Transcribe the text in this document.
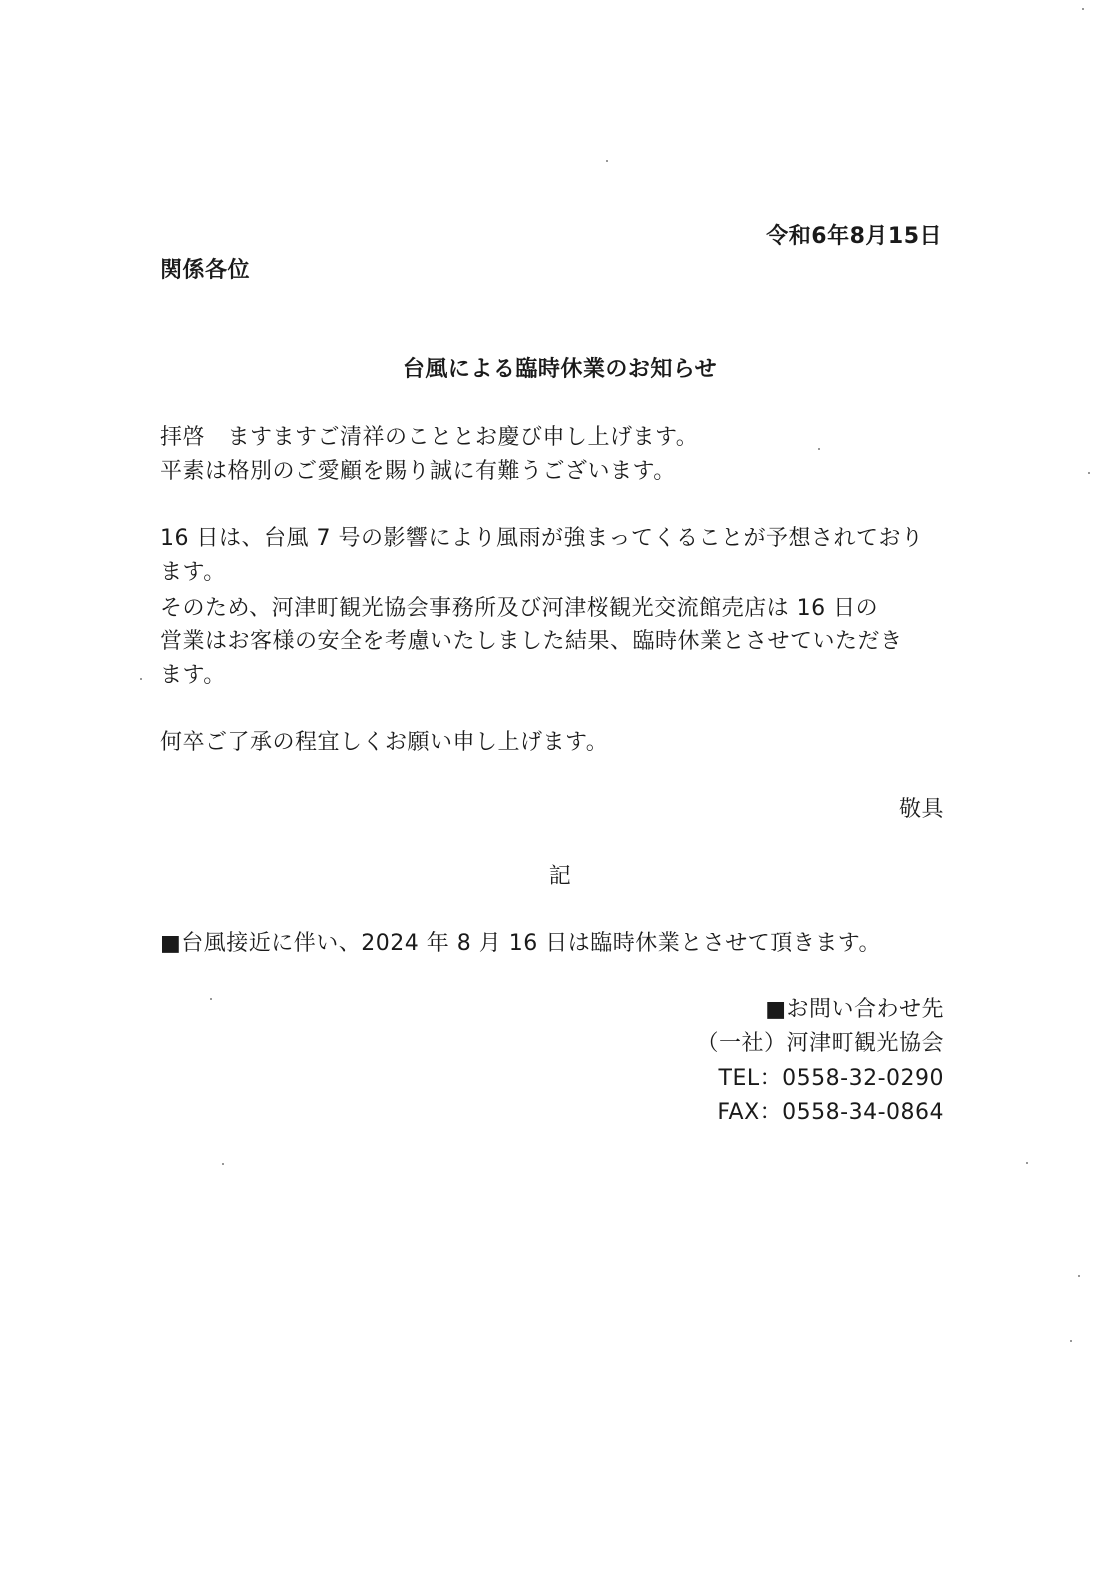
令和6年8月15日
関係各位
台風による臨時休業のお知らせ
拝啓　ますますご清祥のこととお慶び申し上げます。
平素は格別のご愛顧を賜り誠に有難うございます。
16 日は、台風 7 号の影響により風雨が強まってくることが予想されており
ます。
そのため、河津町観光協会事務所及び河津桜観光交流館売店は 16 日の
営業はお客様の安全を考慮いたしました結果、臨時休業とさせていただき
ます。
何卒ご了承の程宜しくお願い申し上げます。
敬具
記
■台風接近に伴い、2024 年 8 月 16 日は臨時休業とさせて頂きます。
■お問い合わせ先
（一社）河津町観光協会
TEL：0558-32-0290
FAX：0558-34-0864
